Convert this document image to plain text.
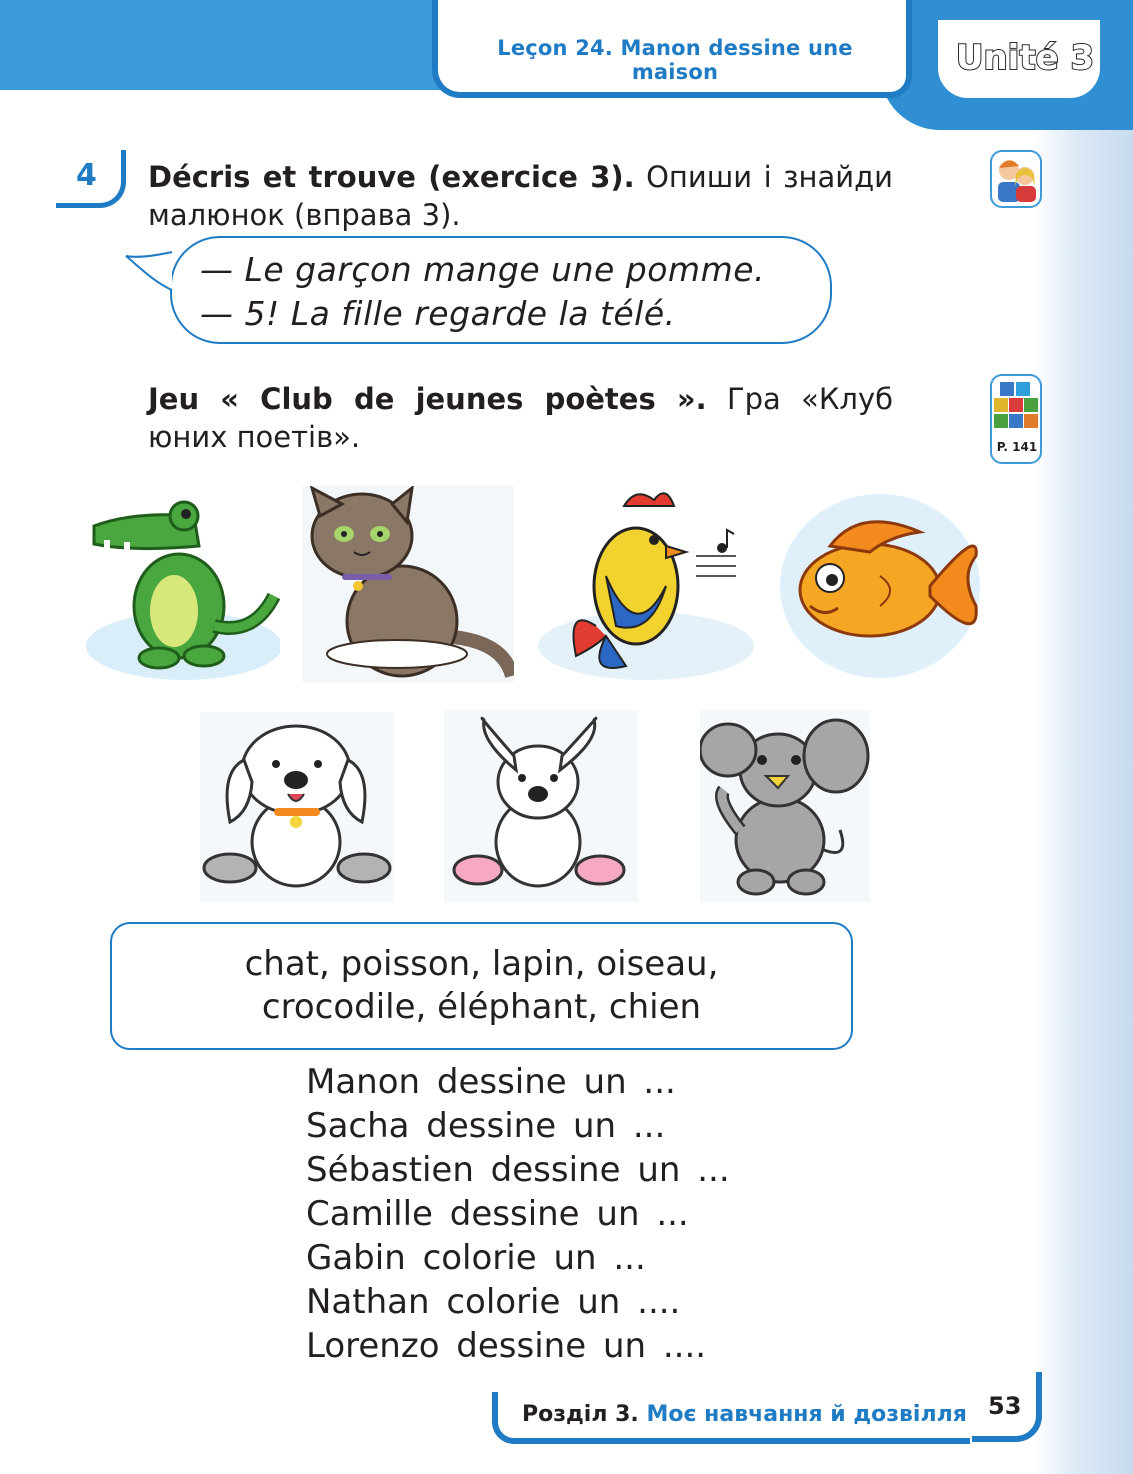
Leçon 24. Manon dessine une maison	Unité 3
4 Décris et trouve (exercice 3). Опиши і знайди малюнок (вправа 3).
— Le garçon mange une pomme.
— 5! La fille regarde la télé.
P. 141
Jeu « Club de jeunes poètes ». Гра «Клуб юних поетів».
chat, poisson, lapin, oiseau,
crocodile, éléphant, chien
Manon dessine un ...
Sacha dessine un ...
Sébastien dessine un ...
Camille dessine un ...
Gabin colorie un ...
Nathan colorie un ....
Lorenzo dessine un ....
Розділ 3. Моє навчання й дозвілля 53
